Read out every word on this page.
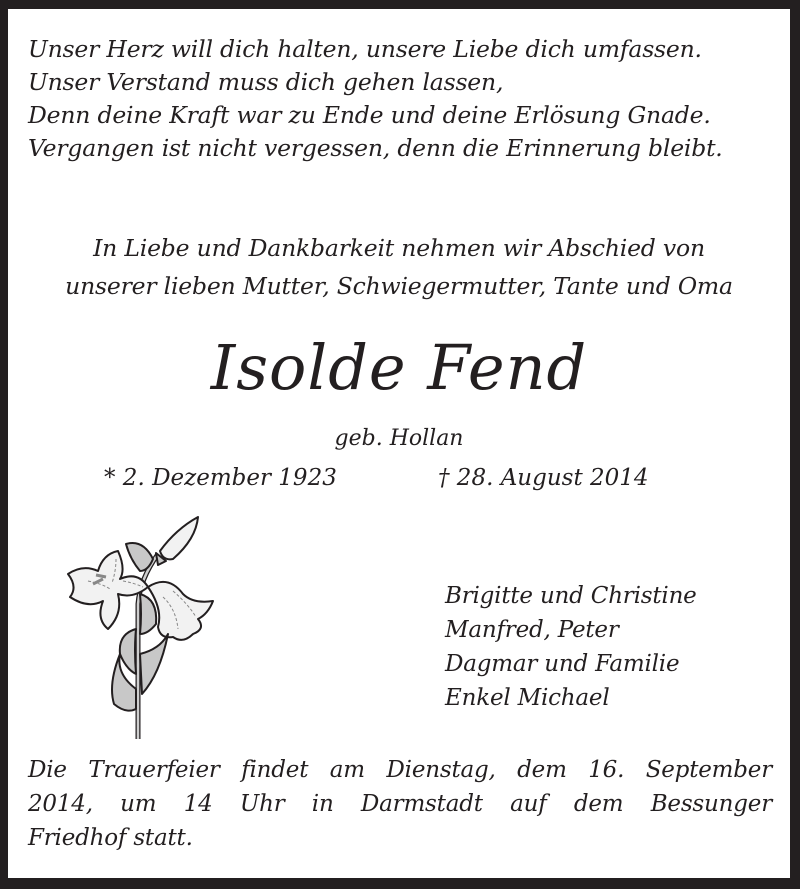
Unser Herz will dich halten, unsere Liebe dich umfassen.
Unser Verstand muss dich gehen lassen,
Denn deine Kraft war zu Ende und deine Erlösung Gnade.
Vergangen ist nicht vergessen, denn die Erinnerung bleibt.
In Liebe und Dankbarkeit nehmen wir Abschied von
unserer lieben Mutter, Schwiegermutter, Tante und Oma
Isolde Fend
geb. Hollan
* 2. Dezember 1923	† 28. August 2014
Brigitte und Christine
Manfred, Peter
Dagmar und Familie
Enkel Michael
Die Trauerfeier findet am Dienstag, dem 16. September
2014, um 14 Uhr in Darmstadt auf dem Bessunger
Friedhof statt.
